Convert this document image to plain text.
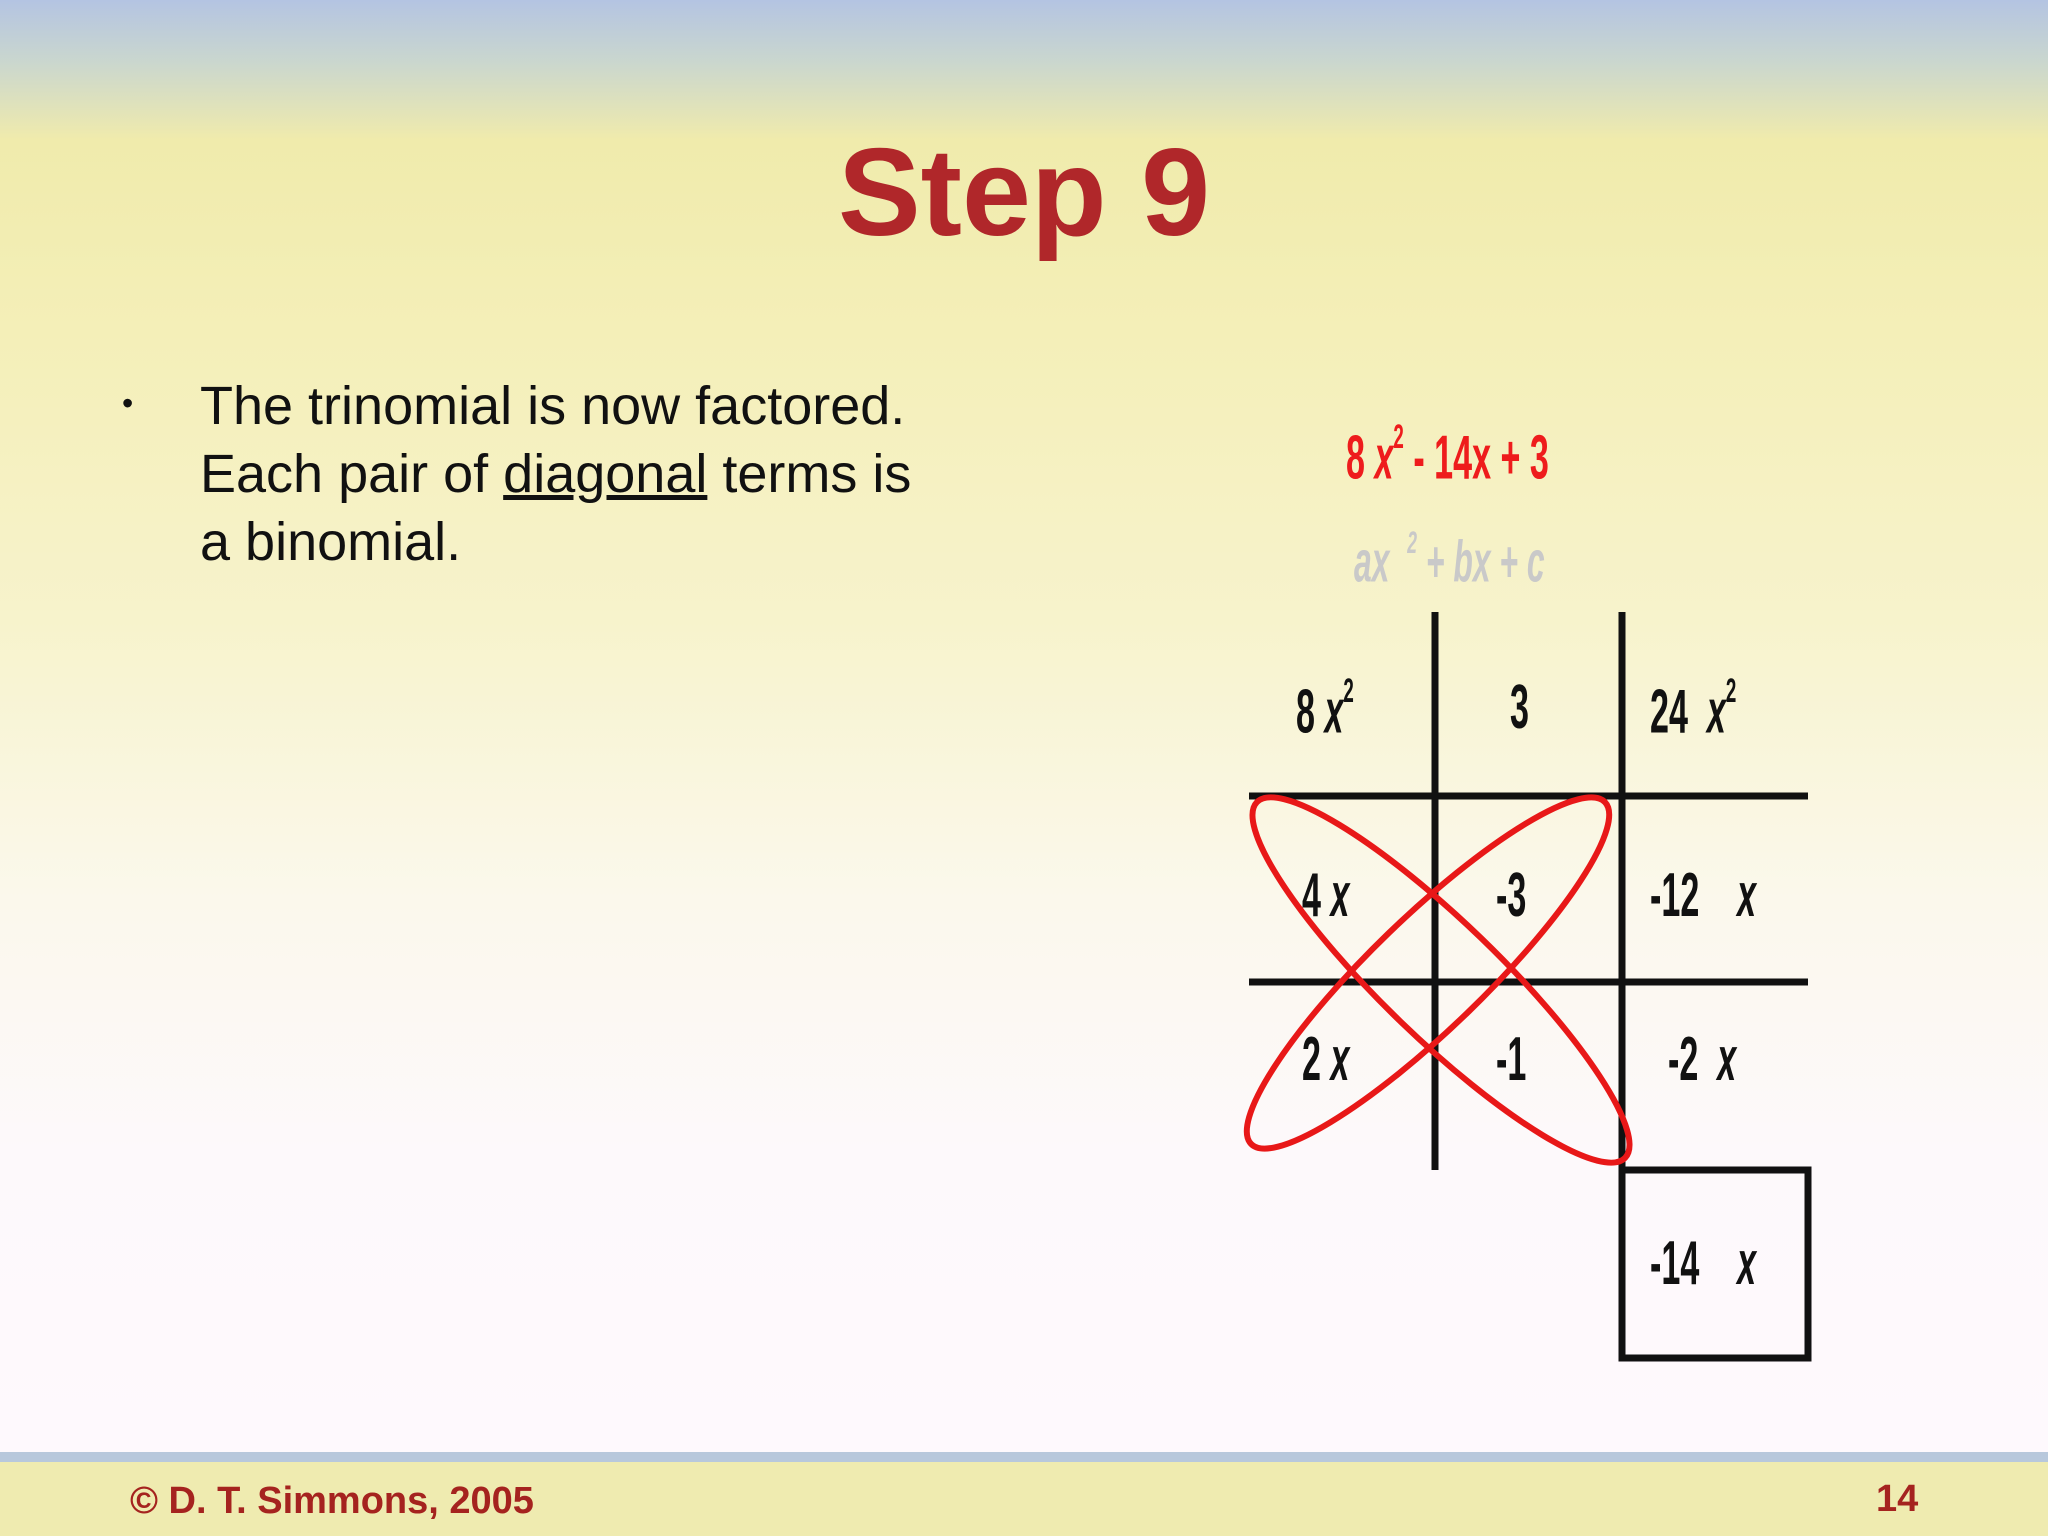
Step 9
• The trinomial is now factored.
Each pair of diagonal terms is
a binomial.
8 $x^2 - 14x + 3$
ax $^2$ + bx + c
8 $x^2$	3 24 $x^2$
4 x -3 -12 x
2 x -1 -2 x
-14 x
© D. T. Simmons, 2005	14
